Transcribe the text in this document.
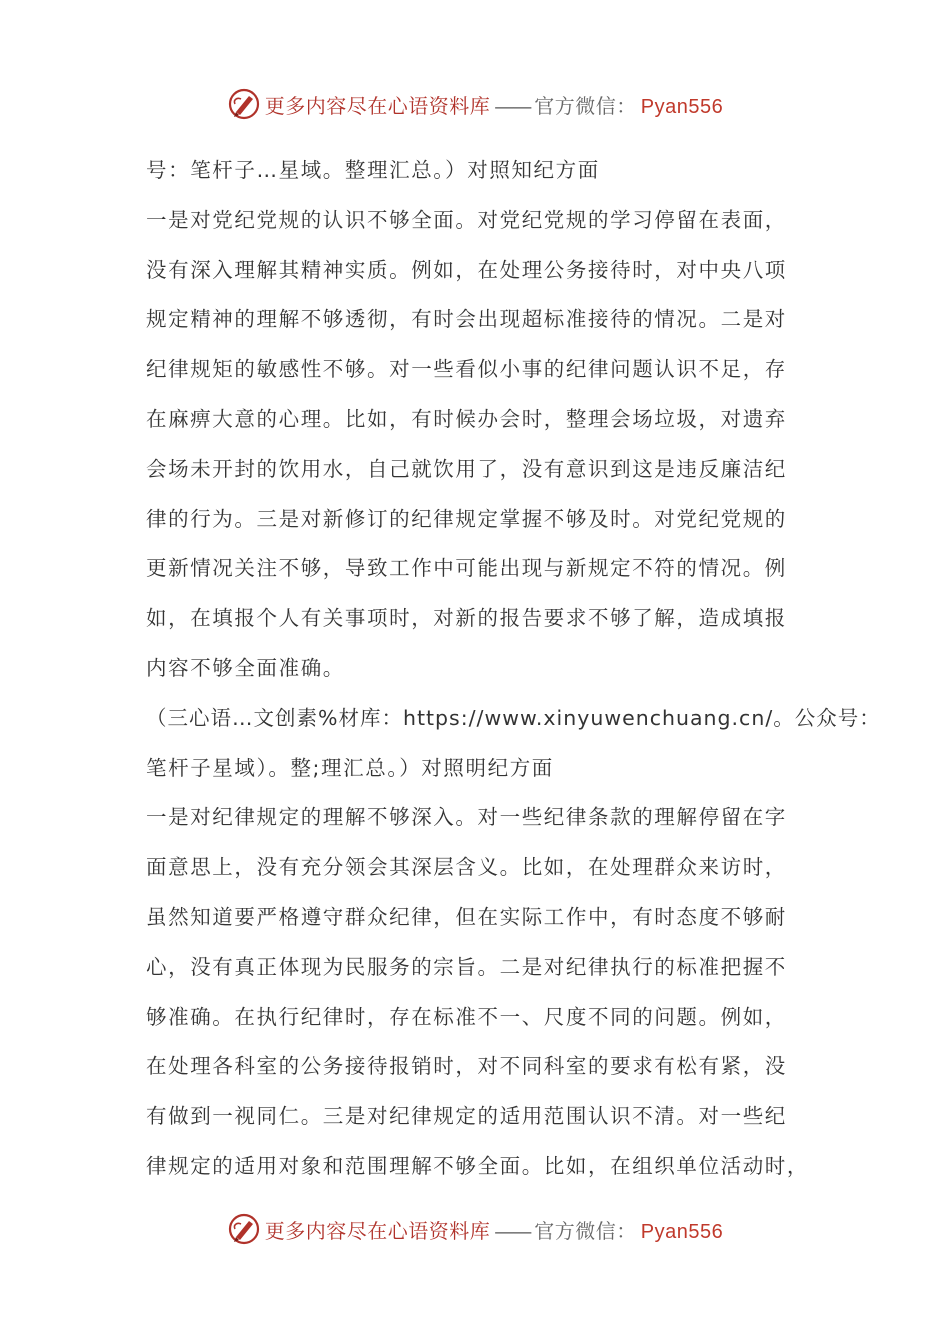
更多内容尽在心语资料库 —— 官方微信： Pyan556
号：笔杆子…星域。整理汇总。）对照知纪方面
一是对党纪党规的认识不够全面。对党纪党规的学习停留在表面，
没有深入理解其精神实质。例如，在处理公务接待时，对中央八项
规定精神的理解不够透彻，有时会出现超标准接待的情况。二是对
纪律规矩的敏感性不够。对一些看似小事的纪律问题认识不足，存
在麻痹大意的心理。比如，有时候办会时，整理会场垃圾，对遗弃
会场未开封的饮用水，自己就饮用了，没有意识到这是违反廉洁纪
律的行为。三是对新修订的纪律规定掌握不够及时。对党纪党规的
更新情况关注不够，导致工作中可能出现与新规定不符的情况。例
如，在填报个人有关事项时，对新的报告要求不够了解，造成填报
内容不够全面准确。
（三心语…文创素%材库：https://www.xinyuwenchuang.cn/。公众号：
笔杆子星域）。整;理汇总。）对照明纪方面
一是对纪律规定的理解不够深入。对一些纪律条款的理解停留在字
面意思上，没有充分领会其深层含义。比如，在处理群众来访时，
虽然知道要严格遵守群众纪律，但在实际工作中，有时态度不够耐
心，没有真正体现为民服务的宗旨。二是对纪律执行的标准把握不
够准确。在执行纪律时，存在标准不一、尺度不同的问题。例如，
在处理各科室的公务接待报销时，对不同科室的要求有松有紧，没
有做到一视同仁。三是对纪律规定的适用范围认识不清。对一些纪
律规定的适用对象和范围理解不够全面。比如，在组织单位活动时，
更多内容尽在心语资料库 —— 官方微信： Pyan556
